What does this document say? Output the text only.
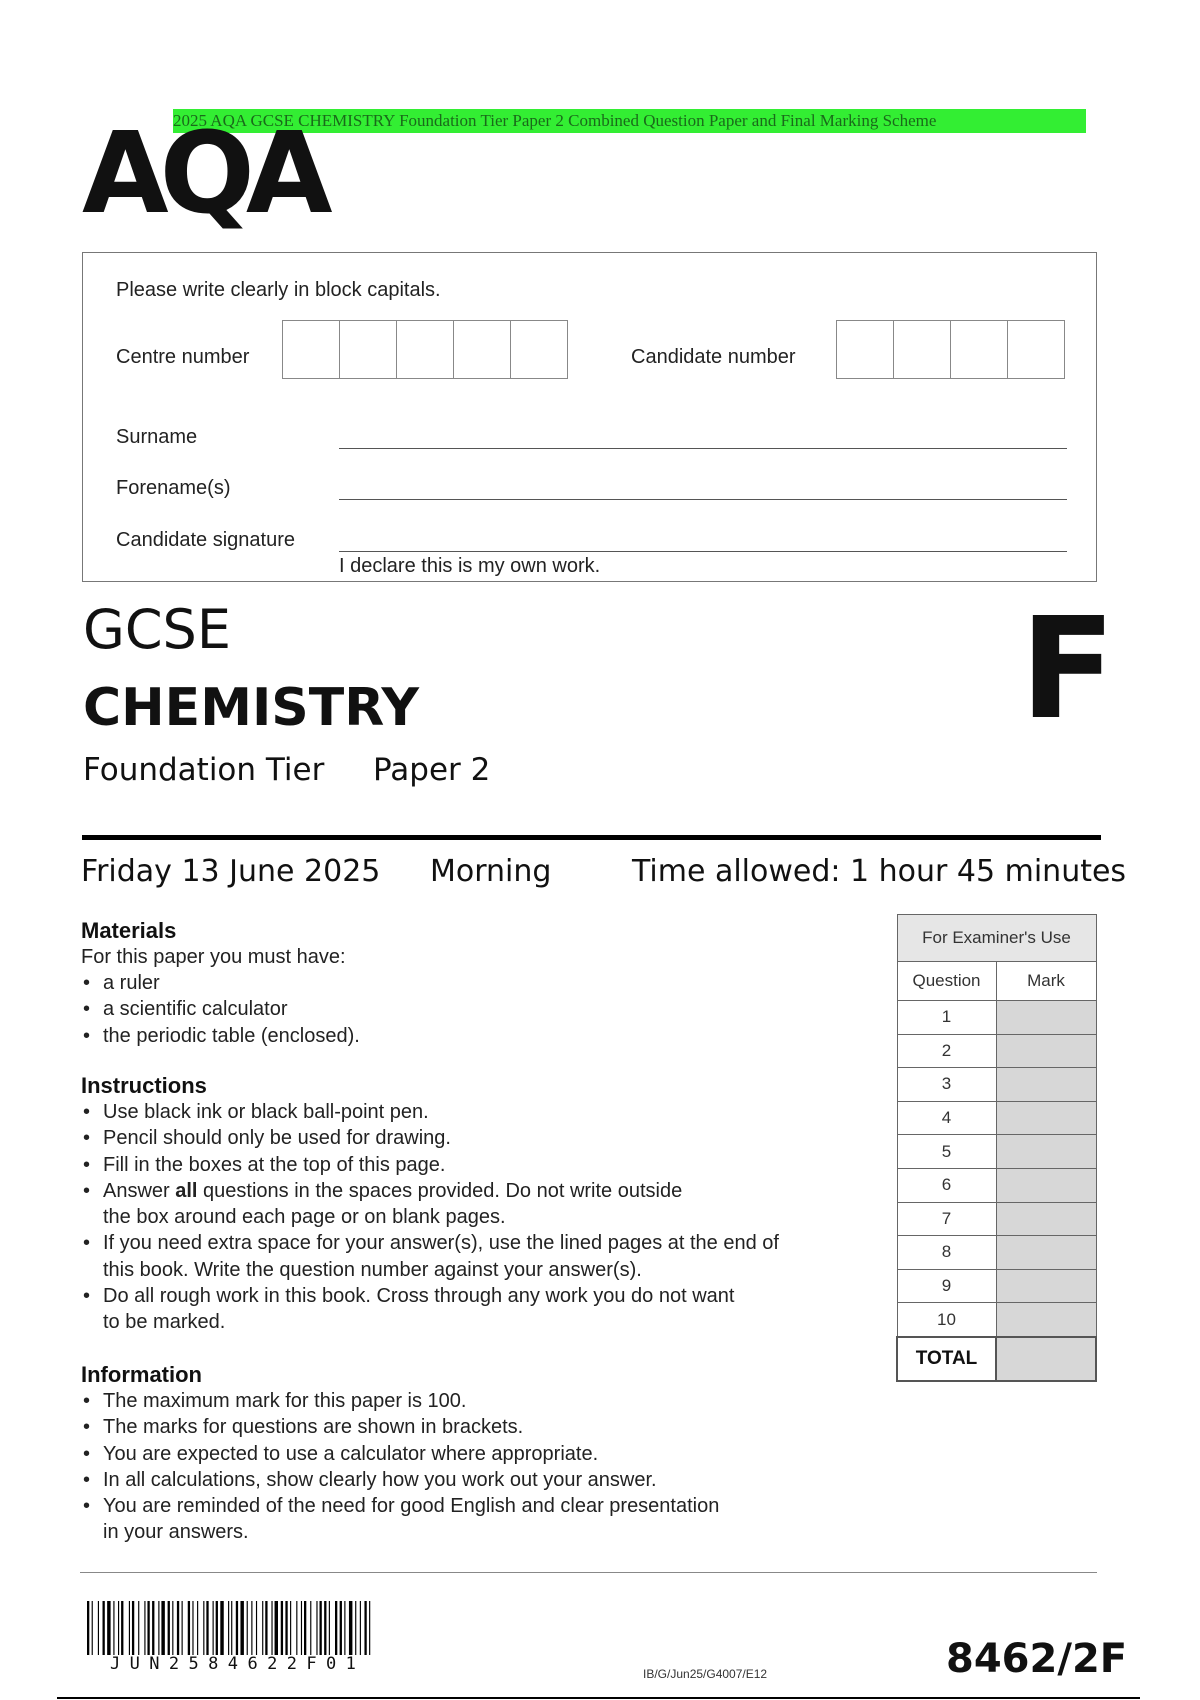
2025 AQA GCSE CHEMISTRY Foundation Tier Paper 2 Combined Question Paper and Final Marking Scheme
AQA
Please write clearly in block capitals.
Centre number	Candidate number
Surname
Forename(s)
Candidate signature
I declare this is my own work.
GCSE
CHEMISTRY
Foundation Tier Paper 2
F
Friday 13 June 2025 Morning	Time allowed: 1 hour 45 minutes
Materials
For this paper you must have:
• a ruler
• a scientific calculator
• the periodic table (enclosed).
Instructions
• Use black ink or black ball-point pen.
• Pencil should only be used for drawing.
• Fill in the boxes at the top of this page.
• Answer all questions in the spaces provided. Do not write outside
the box around each page or on blank pages.
• If you need extra space for your answer(s), use the lined pages at the end of
this book. Write the question number against your answer(s).
• Do all rough work in this book. Cross through any work you do not want
to be marked.
Information
• The maximum mark for this paper is 100.
• The marks for questions are shown in brackets.
• You are expected to use a calculator where appropriate.
• In all calculations, show clearly how you work out your answer.
• You are reminded of the need for good English and clear presentation
in your answers.
For Examiner's Use	
Question	Mark
1	
2	
3	
4	
5	
6	
7	
8	
9	
10	
TOTAL	
JUN2584622F01	IB/G/Jun25/G4007/E12	8462/2F
